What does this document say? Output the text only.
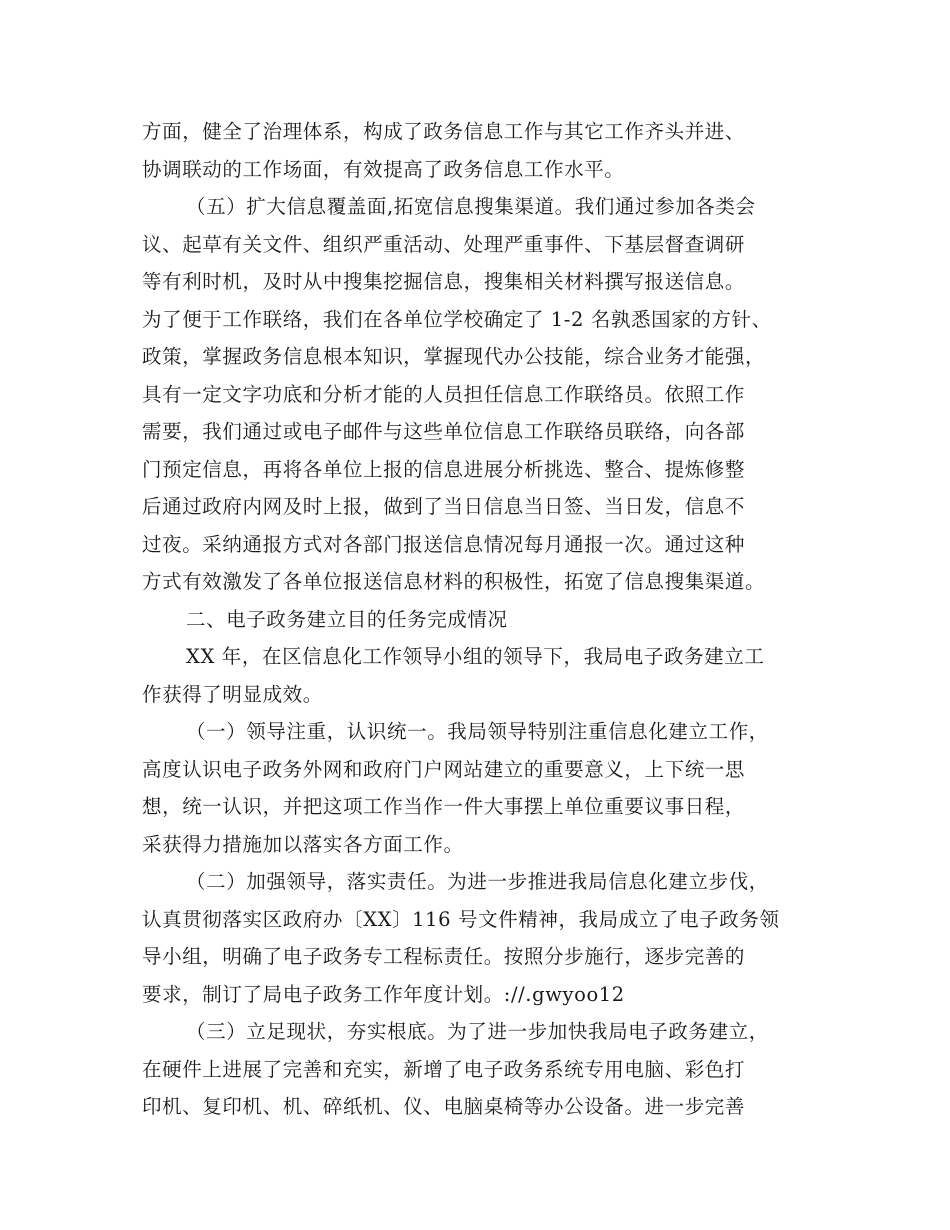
方面，健全了治理体系，构成了政务信息工作与其它工作齐头并进、
协调联动的工作场面，有效提高了政务信息工作水平。
（五）扩大信息覆盖面,拓宽信息搜集渠道。我们通过参加各类会
议、起草有关文件、组织严重活动、处理严重事件、下基层督查调研
等有利时机，及时从中搜集挖掘信息，搜集相关材料撰写报送信息。
为了便于工作联络，我们在各单位学校确定了 1-2 名孰悉国家的方针、
政策，掌握政务信息根本知识，掌握现代办公技能，综合业务才能强，
具有一定文字功底和分析才能的人员担任信息工作联络员。依照工作
需要，我们通过或电子邮件与这些单位信息工作联络员联络，向各部
门预定信息，再将各单位上报的信息进展分析挑选、整合、提炼修整
后通过政府内网及时上报，做到了当日信息当日签、当日发，信息不
过夜。采纳通报方式对各部门报送信息情况每月通报一次。通过这种
方式有效激发了各单位报送信息材料的积极性，拓宽了信息搜集渠道。
二、电子政务建立目的任务完成情况
XX 年，在区信息化工作领导小组的领导下，我局电子政务建立工
作获得了明显成效。
（一）领导注重，认识统一。我局领导特别注重信息化建立工作，
高度认识电子政务外网和政府门户网站建立的重要意义，上下统一思
想，统一认识，并把这项工作当作一件大事摆上单位重要议事日程，
采获得力措施加以落实各方面工作。
（二）加强领导，落实责任。为进一步推进我局信息化建立步伐，
认真贯彻落实区政府办〔XX〕116 号文件精神，我局成立了电子政务领
导小组，明确了电子政务专工程标责任。按照分步施行，逐步完善的
要求，制订了局电子政务工作年度计划。://.gwyoo12
（三）立足现状，夯实根底。为了进一步加快我局电子政务建立，
在硬件上进展了完善和充实，新增了电子政务系统专用电脑、彩色打
印机、复印机、机、碎纸机、仪、电脑桌椅等办公设备。进一步完善
